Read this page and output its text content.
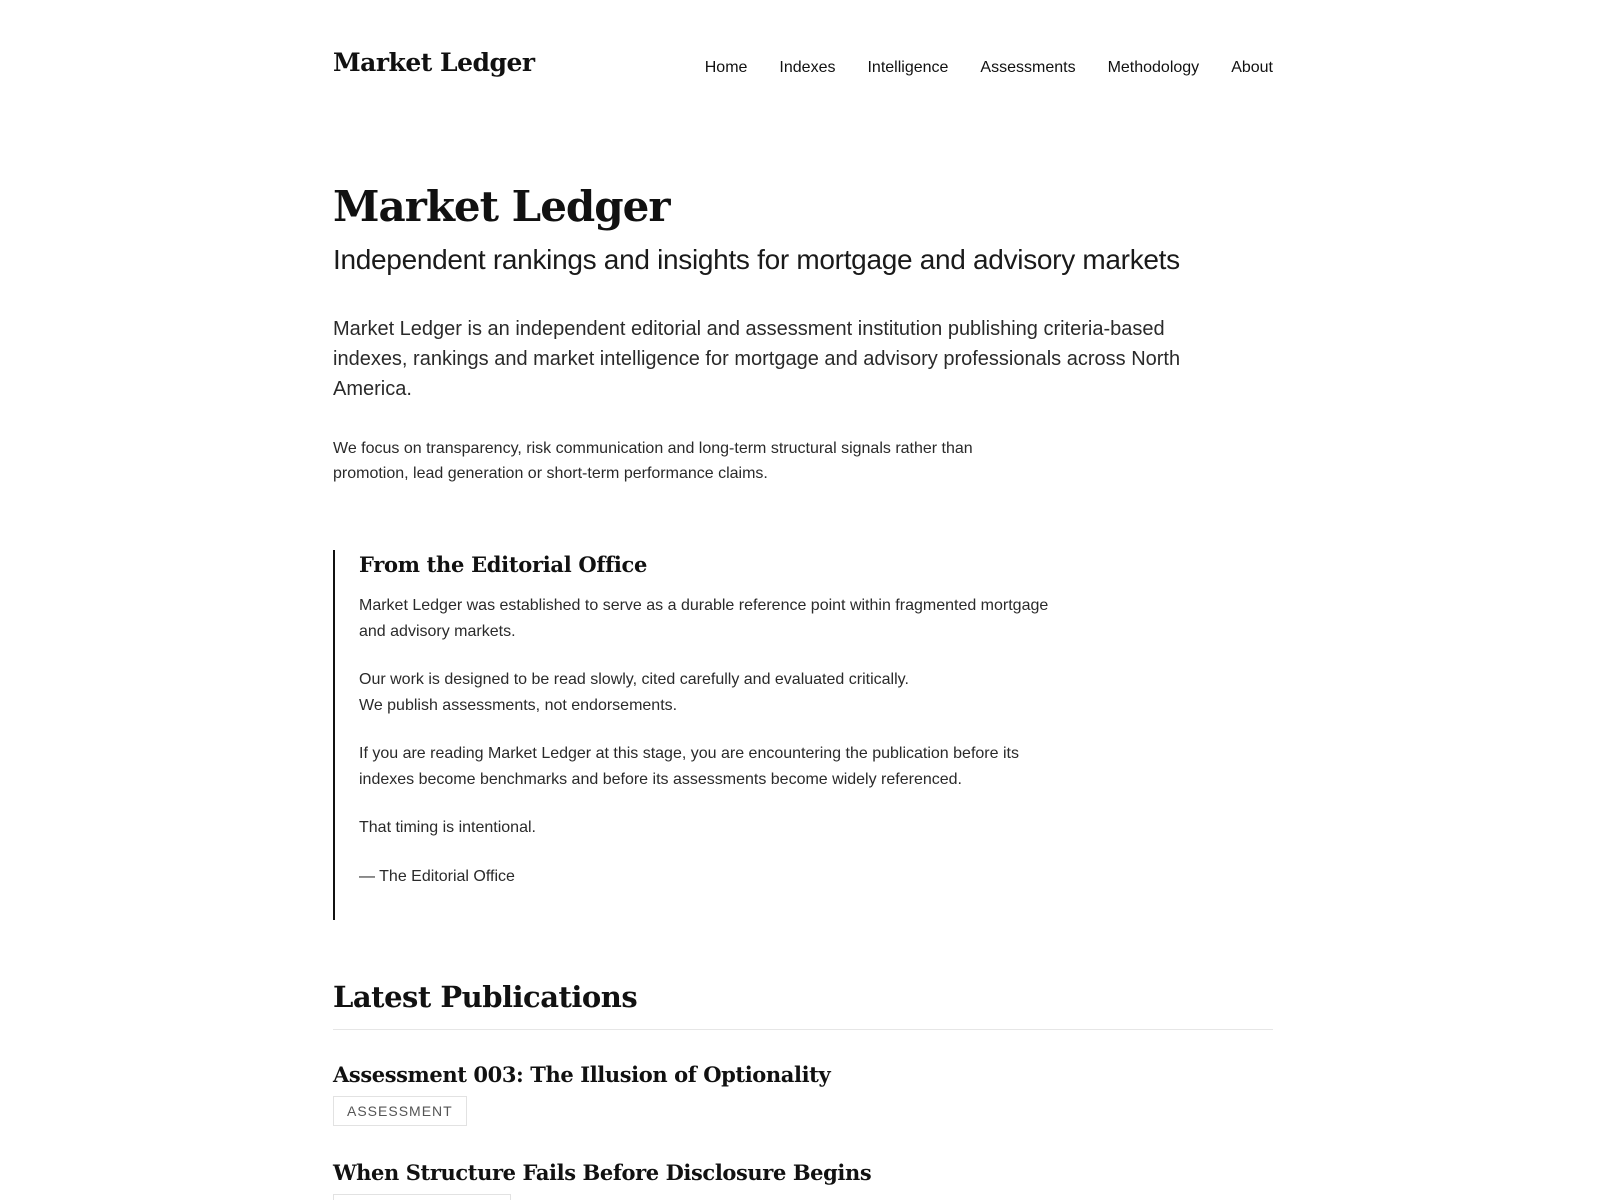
Market Ledger	Home Indexes Intelligence Assessments Methodology About
Market Ledger

Independent rankings and insights for mortgage and advisory markets

Market Ledger is an independent editorial and assessment institution publishing criteria-based indexes, rankings and market intelligence for mortgage and advisory professionals across North America.

We focus on transparency, risk communication and long-term structural signals rather than promotion, lead generation or short-term performance claims.

From the Editorial Office

Market Ledger was established to serve as a durable reference point within fragmented mortgage and advisory markets.

Our work is designed to be read slowly, cited carefully and evaluated critically.
We publish assessments, not endorsements.

If you are reading Market Ledger at this stage, you are encountering the publication before its indexes become benchmarks and before its assessments become widely referenced.

That timing is intentional.

— The Editorial Office

Latest Publications
Assessment 003: The Illusion of Optionality
ASSESSMENT
When Structure Fails Before Disclosure Begins
